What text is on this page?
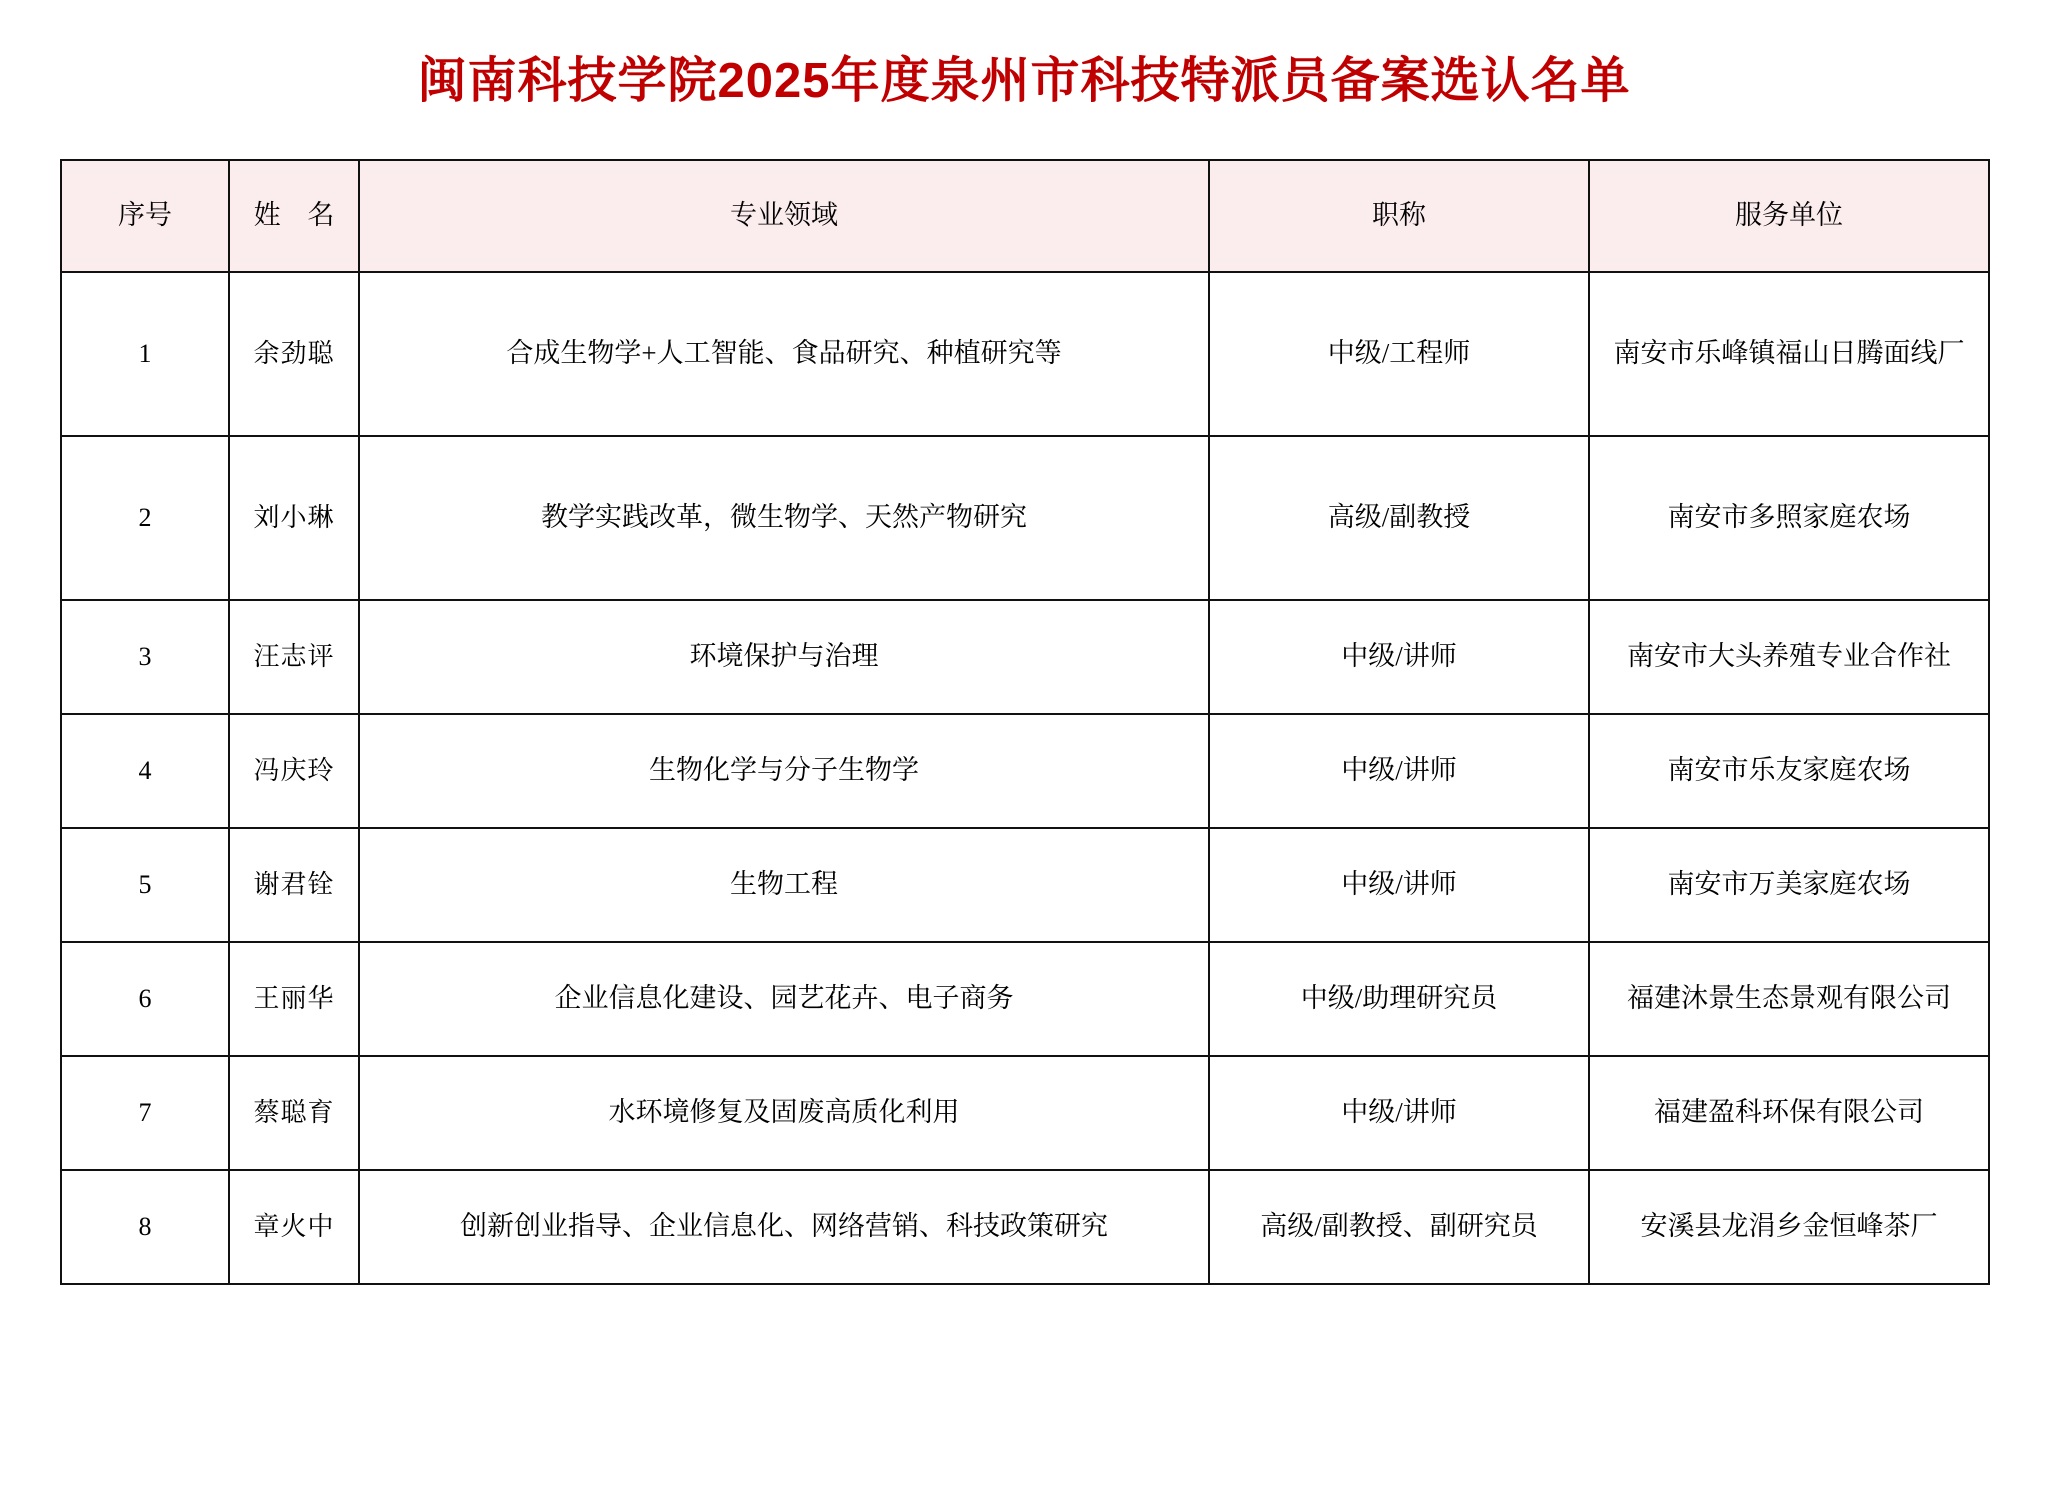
闽南科技学院2025年度泉州市科技特派员备案选认名单
序号	姓 名	专业领域	职称	服务单位
1	余劲聪	合成生物学+人工智能、食品研究、种植研究等	中级/工程师	南安市乐峰镇福山日腾面线厂
2	刘小琳	教学实践改革，微生物学、天然产物研究	高级/副教授	南安市多照家庭农场
3	汪志评	环境保护与治理	中级/讲师	南安市大头养殖专业合作社
4	冯庆玲	生物化学与分子生物学	中级/讲师	南安市乐友家庭农场
5	谢君铨	生物工程	中级/讲师	南安市万美家庭农场
6	王丽华	企业信息化建设、园艺花卉、电子商务	中级/助理研究员	福建沐景生态景观有限公司
7	蔡聪育	水环境修复及固废高质化利用	中级/讲师	福建盈科环保有限公司
8	章火中	创新创业指导、企业信息化、网络营销、科技政策研究	高级/副教授、副研究员	安溪县龙涓乡金恒峰茶厂
